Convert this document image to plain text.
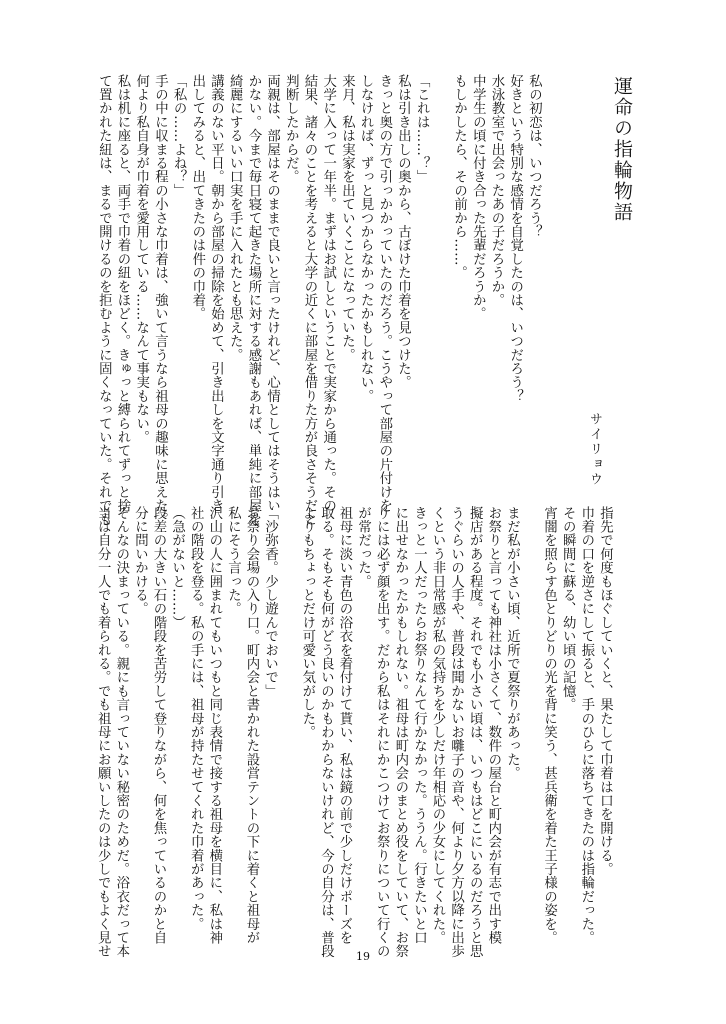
運命の指輪物語
サイリョウ
私の初恋は、いつだろう？
好きという特別な感情を自覚したのは、いつだろう？
水泳教室で出会ったあの子だろうか。
中学生の頃に付き合った先輩だろうか。
もしかしたら、その前から……。
「これは……？」
私は引き出しの奥から、古ぼけた巾着を見つけた。
きっと奥の方で引っかかっていたのだろう。こうやって部屋の片付けを
しなければ、ずっと見つからなかったかもしれない。
来月、私は実家を出ていくことになっていた。
大学に入って一年半。まずはお試しということで実家から通った。その
結果、諸々のことを考えると大学の近くに部屋を借りた方が良さそうだと
判断したからだ。
両親は、部屋はそのままで良いと言ったけれど、心情としてはそうはい
かない。今まで毎日寝て起きた場所に対する感謝もあれば、単純に部屋を
綺麗にするいい口実を手に入れたとも思えた。
講義のない平日。朝から部屋の掃除を始めて、引き出しを文字通り引き
出してみると、出てきたのは件の巾着。
「私の……よね？」
手の中に収まる程の小さな巾着は、強いて言うなら祖母の趣味に思えた。
何より私自身が巾着を愛用している……なんて事実もない。
私は机に座ると、両手で巾着の紐をほどく。きゅっと縛られてずっと捨
て置かれた紐は、まるで開けるのを拒むように固くなっていた。それでも
指先で何度もほぐしていくと、果たして巾着は口を開ける。
巾着の口を逆さにして振ると、手のひらに落ちてきたのは指輪だった。
その瞬間に蘇る、幼い頃の記憶。
宵闇を照らす色とりどりの光を背に笑う、甚兵衛を着た王子様の姿を。
まだ私が小さい頃、近所で夏祭りがあった。
お祭りと言っても神社は小さくて、数件の屋台と町内会が有志で出す模
擬店がある程度。それでも小さい頃は、いつもはどこにいるのだろうと思
うぐらいの人手や、普段は聞かないお囃子の音や、何より夕方以降に出歩
くという非日常感が私の気持ちを少しだけ年相応の少女にしてくれた。
きっと一人だったらお祭りなんて行かなかった。ううん。行きたいと口
に出せなかったかもしれない。祖母は町内会のまとめ役をしていて、お祭
りには必ず顔を出す。だから私はそれにかこつけてお祭りについて行くの
が常だった。
祖母に淡い青色の浴衣を着付けて貰い、私は鏡の前で少しだけポーズを
取る。そもそも何がどう良いのかもわからないけれど、今の自分は、普段
よりもちょっとだけ可愛い気がした。
「沙弥香。少し遊んでおいで」
お祭り会場の入り口。町内会と書かれた設営テントの下に着くと祖母が
私にそう言った。
沢山の人に囲まれてもいつもと同じ表情で接する祖母を横目に、私は神
社の階段を登る。私の手には、祖母が持たせてくれた巾着があった。
（急がないと……）
段差の大きい石の階段を苦労して登りながら、何を焦っているのかと自
分に問いかける。
そんなの決まっている。親にも言っていない秘密のためだ。浴衣だって本
当は自分一人でも着られる。でも祖母にお願いしたのは少しでもよく見せ	19
